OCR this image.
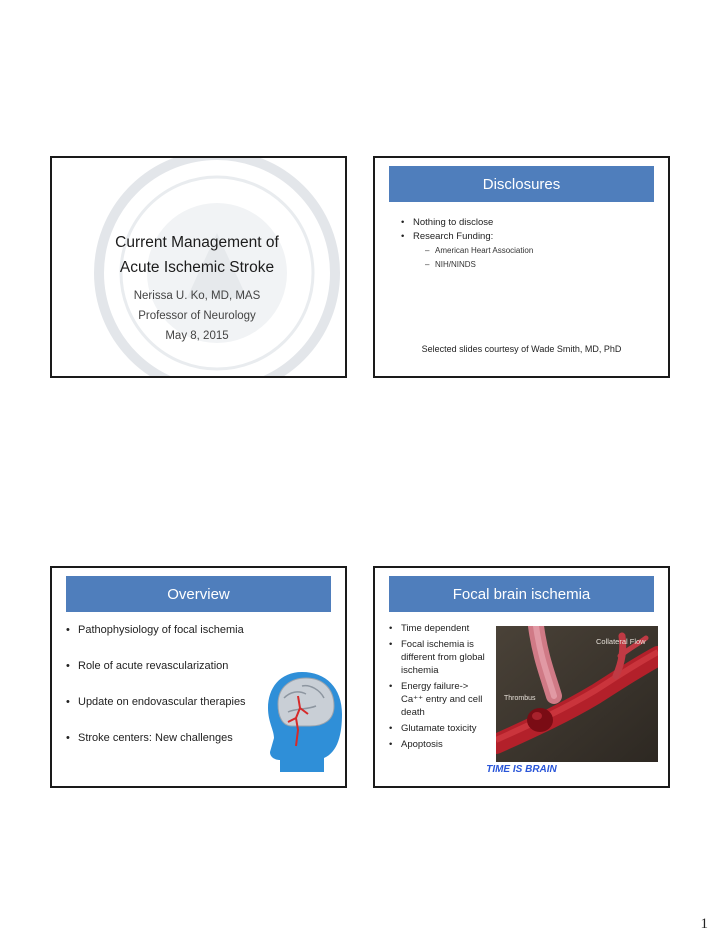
Current Management of
Acute Ischemic Stroke
Nerissa U. Ko, MD, MAS
Professor of Neurology
May 8, 2015
Disclosures
• Nothing to disclose
• Research Funding:
– American Heart Association
– NIH/NINDS
Selected slides courtesy of Wade Smith, MD, PhD
Overview
• Pathophysiology of focal ischemia
• Role of acute revascularization
• Update on endovascular therapies
• Stroke centers: New challenges
Focal brain ischemia
• Time dependent
• Focal ischemia is different from global ischemia
• Energy failure->
Ca⁺⁺ entry and cell death
• Glutamate toxicity
• Apoptosis
Collateral Flow
Thrombus
TIME IS BRAIN
1
